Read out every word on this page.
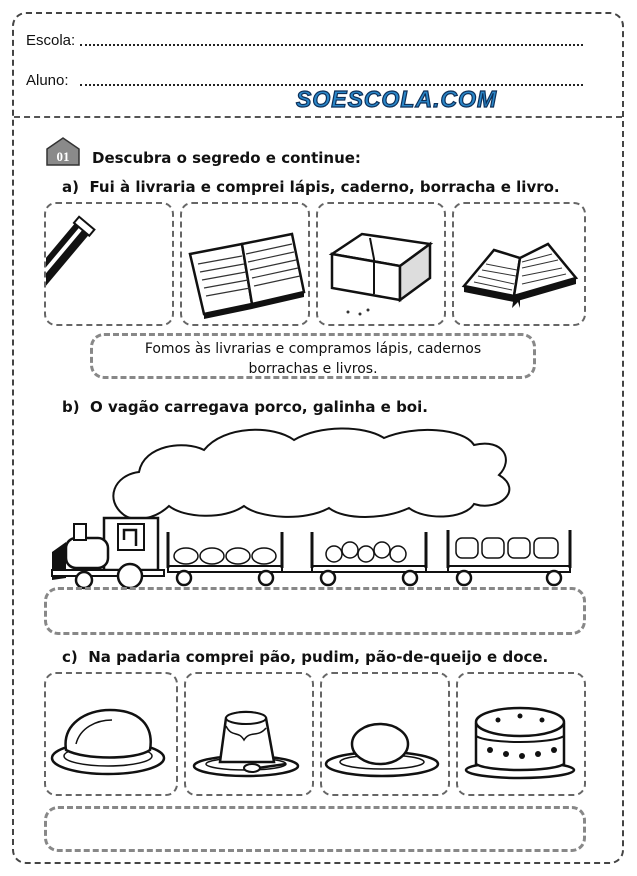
Escola:
Aluno:
SOESCOLA.COM
01 Descubra o segredo e continue:
a) Fui à livraria e comprei lápis, caderno, borracha e livro.
Fomos às livrarias e compramos lápis, cadernos
borrachas e livros.
b) O vagão carregava porco, galinha e boi.
c) Na padaria comprei pão, pudim, pão-de-queijo e doce.
